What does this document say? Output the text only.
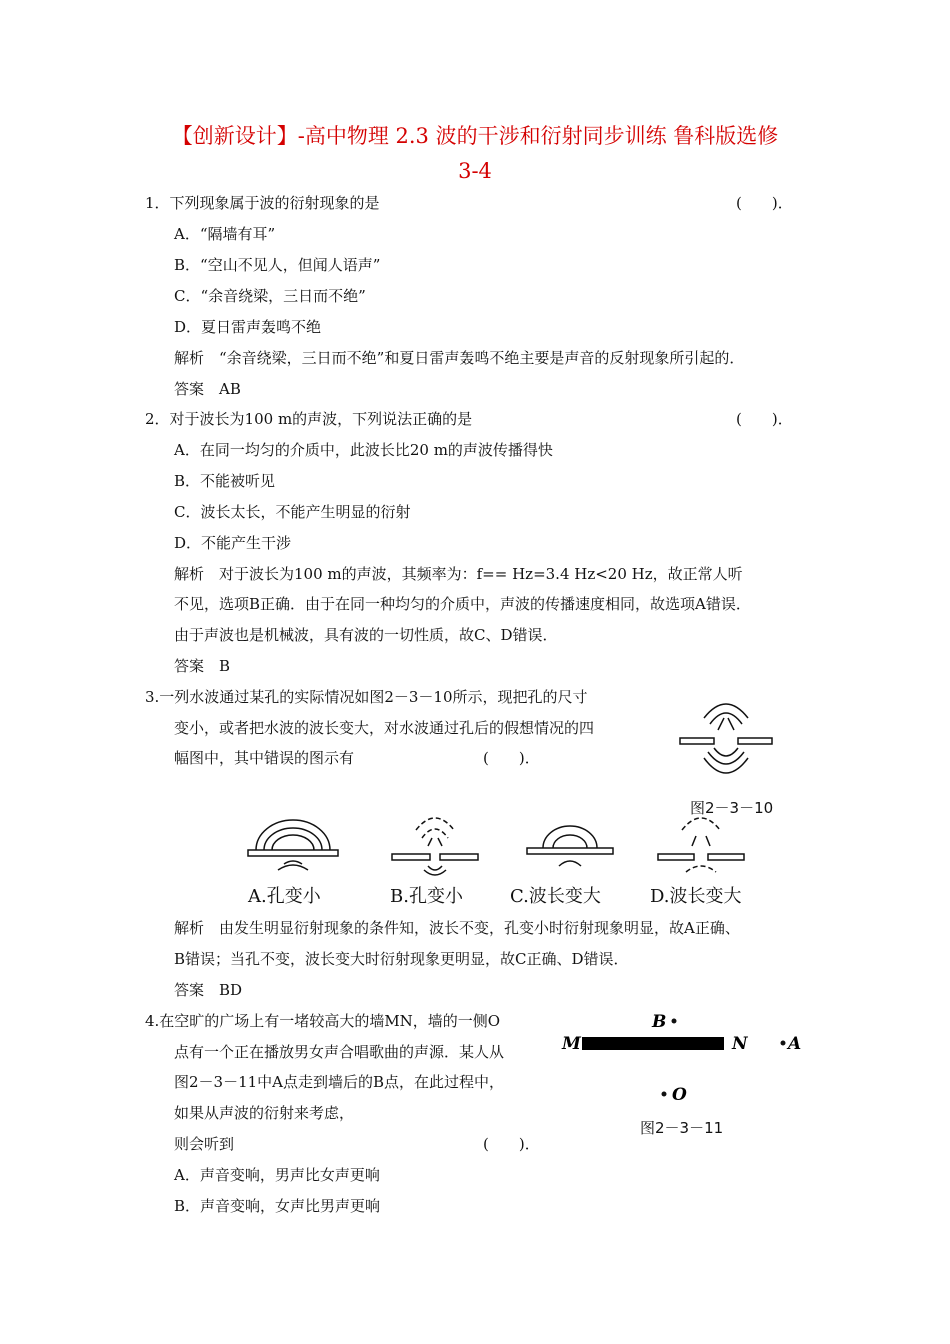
【创新设计】-高中物理 2.3 波的干涉和衍射同步训练 鲁科版选修
3-4
1．下列现象属于波的衍射现象的是	(　　)．
A．“隔墙有耳”
B．“空山不见人，但闻人语声”
C．“余音绕梁，三日而不绝”
D．夏日雷声轰鸣不绝
解析　“余音绕梁，三日而不绝”和夏日雷声轰鸣不绝主要是声音的反射现象所引起的．
答案　AB
2．对于波长为100 m的声波，下列说法正确的是	(　　)．
A．在同一均匀的介质中，此波长比20 m的声波传播得快
B．不能被听见
C．波长太长，不能产生明显的衍射
D．不能产生干涉
解析　对于波长为100 m的声波，其频率为：f== Hz=3.4 Hz<20 Hz，故正常人听
不见，选项B正确．由于在同一种均匀的介质中，声波的传播速度相同，故选项A错误．
由于声波也是机械波，具有波的一切性质，故C、D错误．
答案　B
3.一列水波通过某孔的实际情况如图2－3－10所示，现把孔的尺寸
变小，或者把水波的波长变大，对水波通过孔后的假想情况的四
幅图中，其中错误的图示有	(　　)．
图2－3－10
A.孔变小	B.孔变小	C.波长变大	D.波长变大
解析　由发生明显衍射现象的条件知，波长不变，孔变小时衍射现象明显，故A正确、
B错误；当孔不变，波长变大时衍射现象更明显，故C正确、D错误．
答案　BD
4.在空旷的广场上有一堵较高大的墙MN，墙的一侧O
点有一个正在播放男女声合唱歌曲的声源．某人从
图2－3－11中A点走到墙后的B点，在此过程中，
如果从声波的衍射来考虑，
则会听到	(　　)．
A．声音变响，男声比女声更响
B．声音变响，女声比男声更响
B
M	N A
O
图2－3－11
